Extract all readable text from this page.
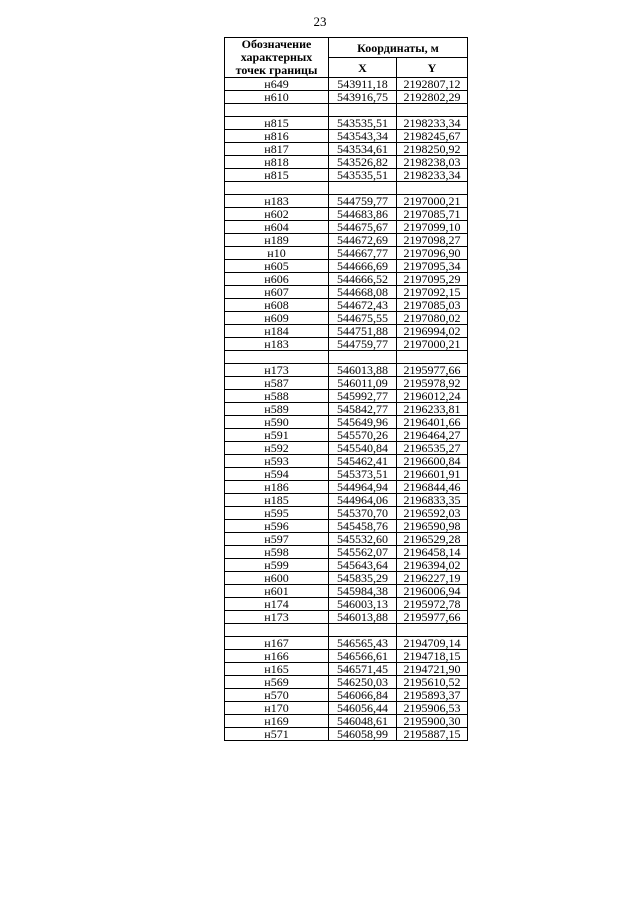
23
Обозначение характерных точек границы	Координаты, м	
	X	Y
н649	543911,18	2192807,12
н610	543916,75	2192802,29

н815	543535,51	2198233,34
н816	543543,34	2198245,67
н817	543534,61	2198250,92
н818	543526,82	2198238,03
н815	543535,51	2198233,34

н183	544759,77	2197000,21
н602	544683,86	2197085,71
н604	544675,67	2197099,10
н189	544672,69	2197098,27
н10	544667,77	2197096,90
н605	544666,69	2197095,34
н606	544666,52	2197095,29
н607	544668,08	2197092,15
н608	544672,43	2197085,03
н609	544675,55	2197080,02
н184	544751,88	2196994,02
н183	544759,77	2197000,21

н173	546013,88	2195977,66
н587	546011,09	2195978,92
н588	545992,77	2196012,24
н589	545842,77	2196233,81
н590	545649,96	2196401,66
н591	545570,26	2196464,27
н592	545540,84	2196535,27
н593	545462,41	2196600,84
н594	545373,51	2196601,91
н186	544964,94	2196844,46
н185	544964,06	2196833,35
н595	545370,70	2196592,03
н596	545458,76	2196590,98
н597	545532,60	2196529,28
н598	545562,07	2196458,14
н599	545643,64	2196394,02
н600	545835,29	2196227,19
н601	545984,38	2196006,94
н174	546003,13	2195972,78
н173	546013,88	2195977,66

н167	546565,43	2194709,14
н166	546566,61	2194718,15
н165	546571,45	2194721,90
н569	546250,03	2195610,52
н570	546066,84	2195893,37
н170	546056,44	2195906,53
н169	546048,61	2195900,30
н571	546058,99	2195887,15
